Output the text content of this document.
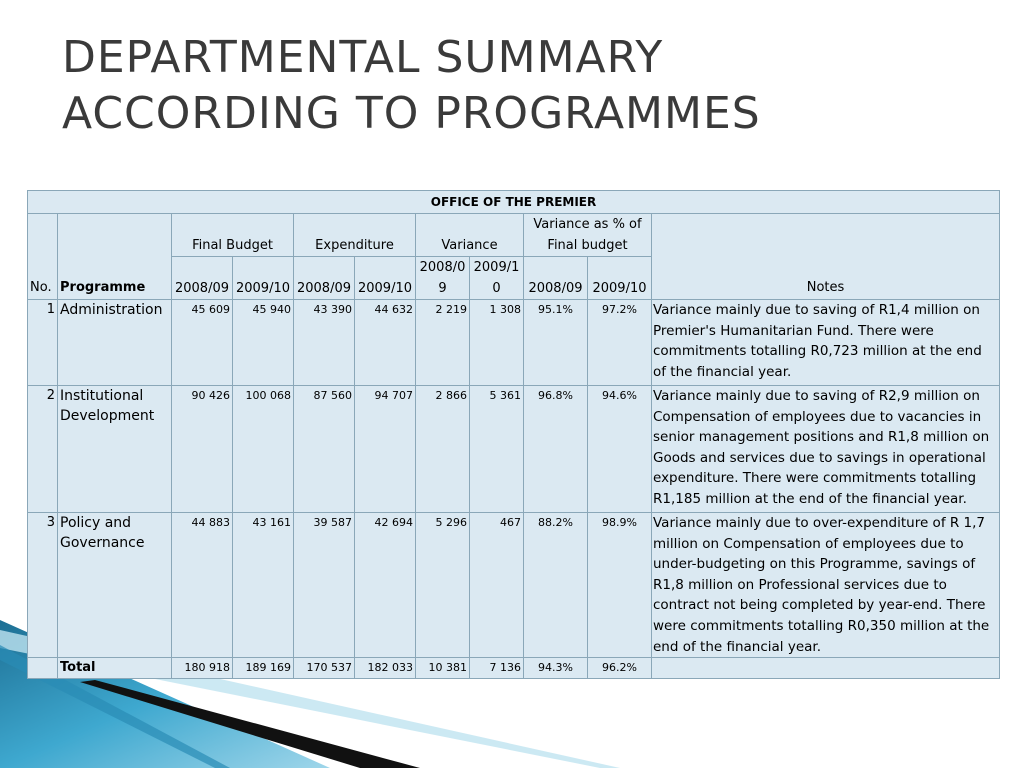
DEPARTMENTAL SUMMARY
ACCORDING TO PROGRAMMES
OFFICE OF THE PREMIER										
No.	Programme	Final Budget		Expenditure		Variance		Variance as % of Final budget		Notes
		2008/09	2009/10	2008/09	2009/10	2008/09	2009/10	2008/09	2009/10	
1	Administration	45 609	45 940	43 390	44 632	2 219	1 308	95.1%	97.2%	Variance mainly due to saving of R1,4 million on Premier's Humanitarian Fund. There were commitments totalling R0,723 million at the end of the financial year.
2	Institutional Development	90 426	100 068	87 560	94 707	2 866	5 361	96.8%	94.6%	Variance mainly due to saving of R2,9 million on Compensation of employees due to vacancies in senior management positions and R1,8 million on Goods and services due to savings in operational expenditure. There were commitments totalling R1,185 million at the end of the financial year.
3	Policy and Governance	44 883	43 161	39 587	42 694	5 296	467	88.2%	98.9%	Variance mainly due to over-expenditure of R 1,7 million on Compensation of employees due to under-budgeting on this Programme, savings of R1,8 million on Professional services due to contract not being completed by year-end. There were commitments totalling R0,350 million at the end of the financial year.
	Total	180 918	189 169	170 537	182 033	10 381	7 136	94.3%	96.2%	
